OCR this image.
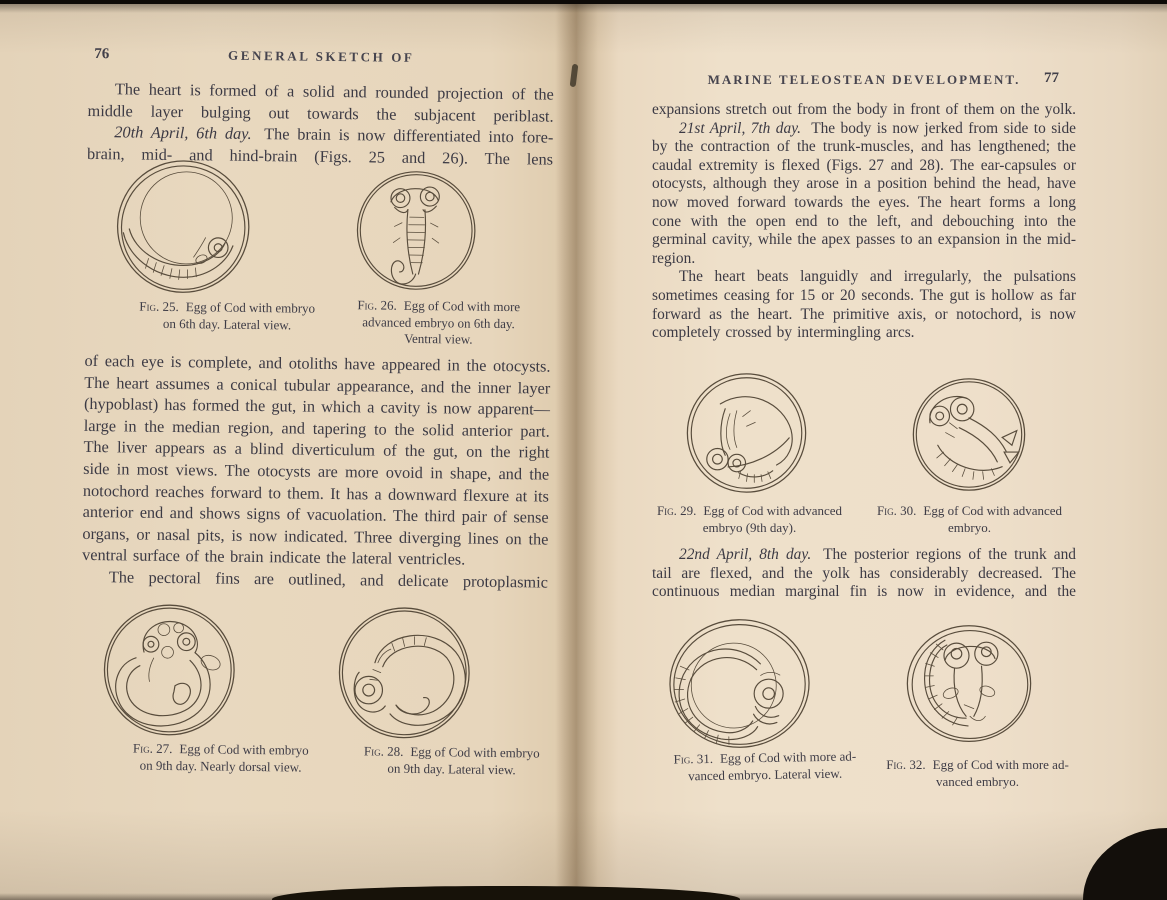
76	GENERAL SKETCH OF

The heart is formed of a solid and rounded projection of the middle layer bulging out towards the subjacent periblast.

20th April, 6th day. The brain is now differentiated into fore-brain, mid- and hind-brain (Figs. 25 and 26). The lens

Fig. 25. Egg of Cod with embryo
on 6th day. Lateral view.
Fig. 26. Egg of Cod with more
advanced embryo on 6th day.
Ventral view.

of each eye is complete, and otoliths have appeared in the otocysts. The heart assumes a conical tubular appearance, and the inner layer (hypoblast) has formed the gut, in which a cavity is now apparent—large in the median region, and tapering to the solid anterior part. The liver appears as a blind diverticulum of the gut, on the right side in most views. The otocysts are more ovoid in shape, and the notochord reaches forward to them. It has a downward flexure at its anterior end and shows signs of vacuolation. The third pair of sense organs, or nasal pits, is now indicated. Three diverging lines on the ventral surface of the brain indicate the lateral ventricles.

The pectoral fins are outlined, and delicate protoplasmic

Fig. 27. Egg of Cod with embryo
on 9th day. Nearly dorsal view.
Fig. 28. Egg of Cod with embryo
on 9th day. Lateral view.
MARINE TELEOSTEAN DEVELOPMENT.	77

expansions stretch out from the body in front of them on the yolk.

21st April, 7th day. The body is now jerked from side to side by the contraction of the trunk-muscles, and has lengthened; the caudal extremity is flexed (Figs. 27 and 28). The ear-capsules or otocysts, although they arose in a position behind the head, have now moved forward towards the eyes. The heart forms a long cone with the open end to the left, and debouching into the germinal cavity, while the apex passes to an expansion in the mid-region.

The heart beats languidly and irregularly, the pulsations sometimes ceasing for 15 or 20 seconds. The gut is hollow as far forward as the heart. The primitive axis, or notochord, is now completely crossed by intermingling arcs.

Fig. 29. Egg of Cod with advanced
embryo (9th day).
Fig. 30. Egg of Cod with advanced
embryo.

22nd April, 8th day. The posterior regions of the trunk and tail are flexed, and the yolk has considerably decreased. The continuous median marginal fin is now in evidence, and the

Fig. 31. Egg of Cod with more ad-
vanced embryo. Lateral view.
Fig. 32. Egg of Cod with more ad-
vanced embryo.
